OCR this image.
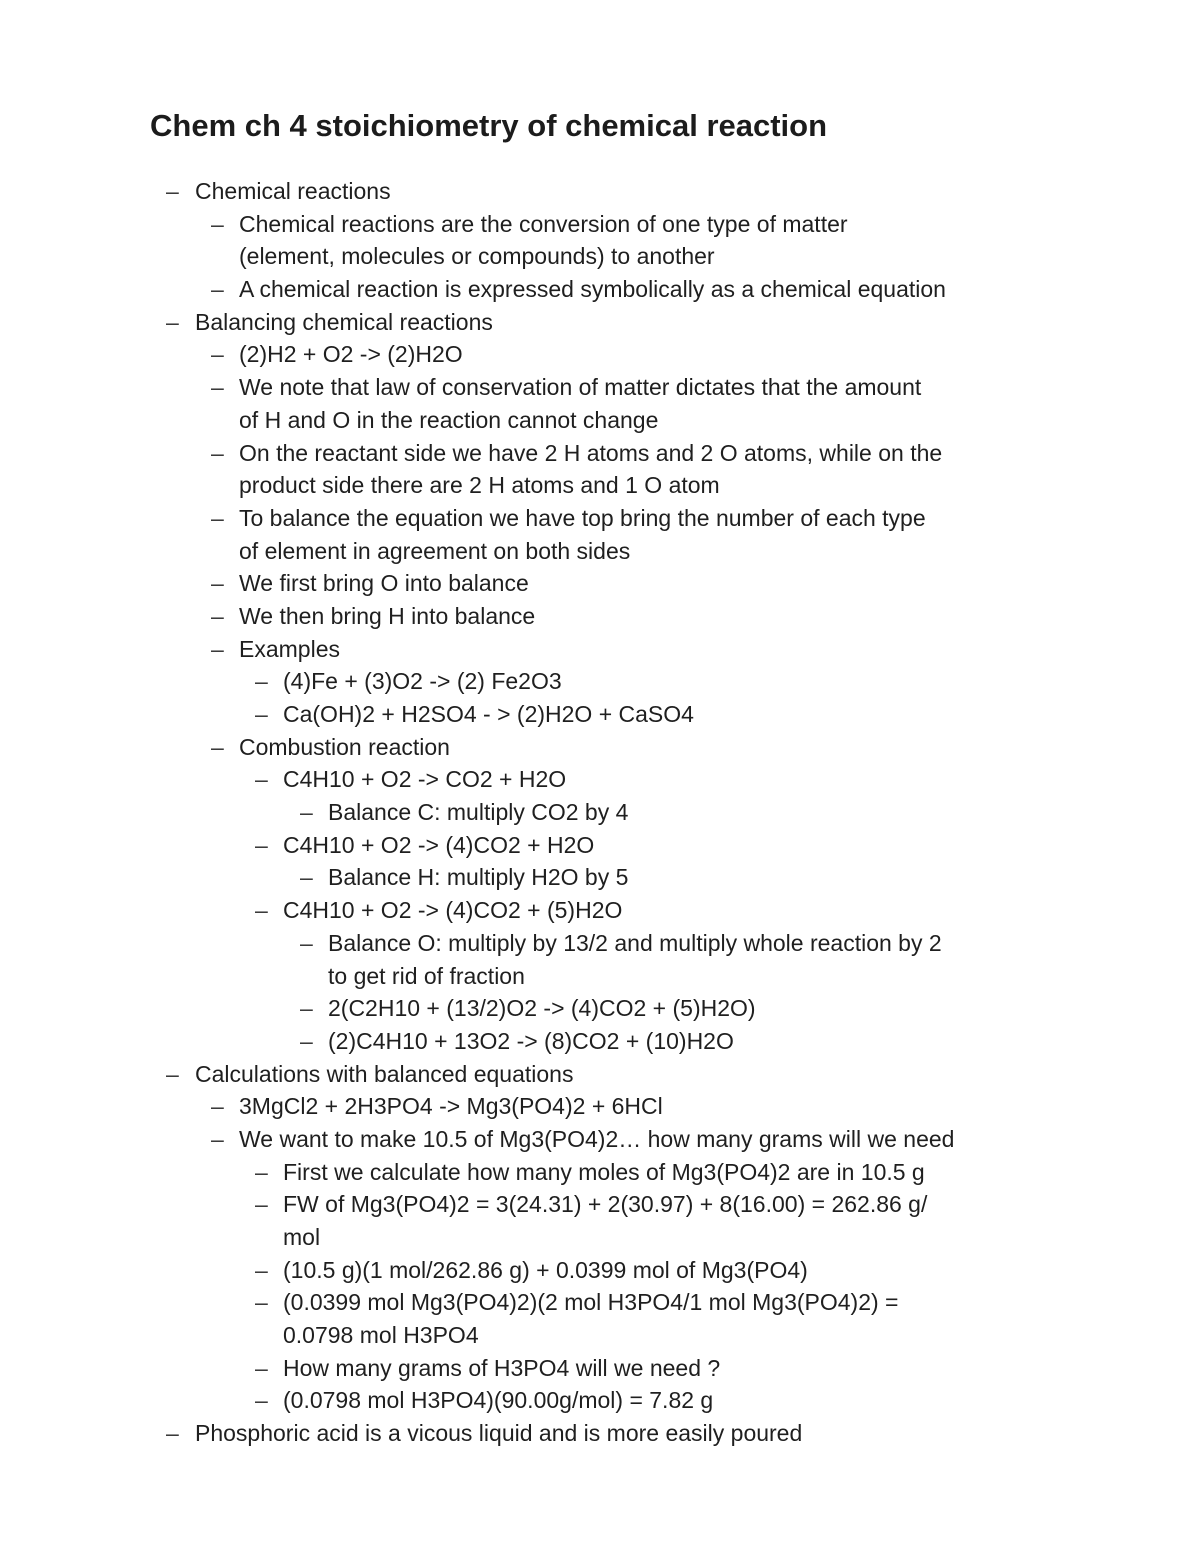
Chem ch 4 stoichiometry of chemical reaction
– Chemical reactions
– Chemical reactions are the conversion of one type of matter
(element, molecules or compounds) to another
– A chemical reaction is expressed symbolically as a chemical equation
– Balancing chemical reactions
– (2)H2 + O2 -> (2)H2O
– We note that law of conservation of matter dictates that the amount
of H and O in the reaction cannot change
– On the reactant side we have 2 H atoms and 2 O atoms, while on the
product side there are 2 H atoms and 1 O atom
– To balance the equation we have top bring the number of each type
of element in agreement on both sides
– We first bring O into balance
– We then bring H into balance
– Examples
– (4)Fe + (3)O2 -> (2) Fe2O3
– Ca(OH)2 + H2SO4 - > (2)H2O + CaSO4
– Combustion reaction
– C4H10 + O2 -> CO2 + H2O
– Balance C: multiply CO2 by 4
– C4H10 + O2 -> (4)CO2 + H2O
– Balance H: multiply H2O by 5
– C4H10 + O2 -> (4)CO2 + (5)H2O
– Balance O: multiply by 13/2 and multiply whole reaction by 2
to get rid of fraction
– 2(C2H10 + (13/2)O2 -> (4)CO2 + (5)H2O)
– (2)C4H10 + 13O2 -> (8)CO2 + (10)H2O
– Calculations with balanced equations
– 3MgCl2 + 2H3PO4 -> Mg3(PO4)2 + 6HCl
– We want to make 10.5 of Mg3(PO4)2… how many grams will we need
– First we calculate how many moles of Mg3(PO4)2 are in 10.5 g
– FW of Mg3(PO4)2 = 3(24.31) + 2(30.97) + 8(16.00) = 262.86 g/
mol
– (10.5 g)(1 mol/262.86 g) + 0.0399 mol of Mg3(PO4)
– (0.0399 mol Mg3(PO4)2)(2 mol H3PO4/1 mol Mg3(PO4)2) =
0.0798 mol H3PO4
– How many grams of H3PO4 will we need ?
– (0.0798 mol H3PO4)(90.00g/mol) = 7.82 g
– Phosphoric acid is a vicous liquid and is more easily poured
